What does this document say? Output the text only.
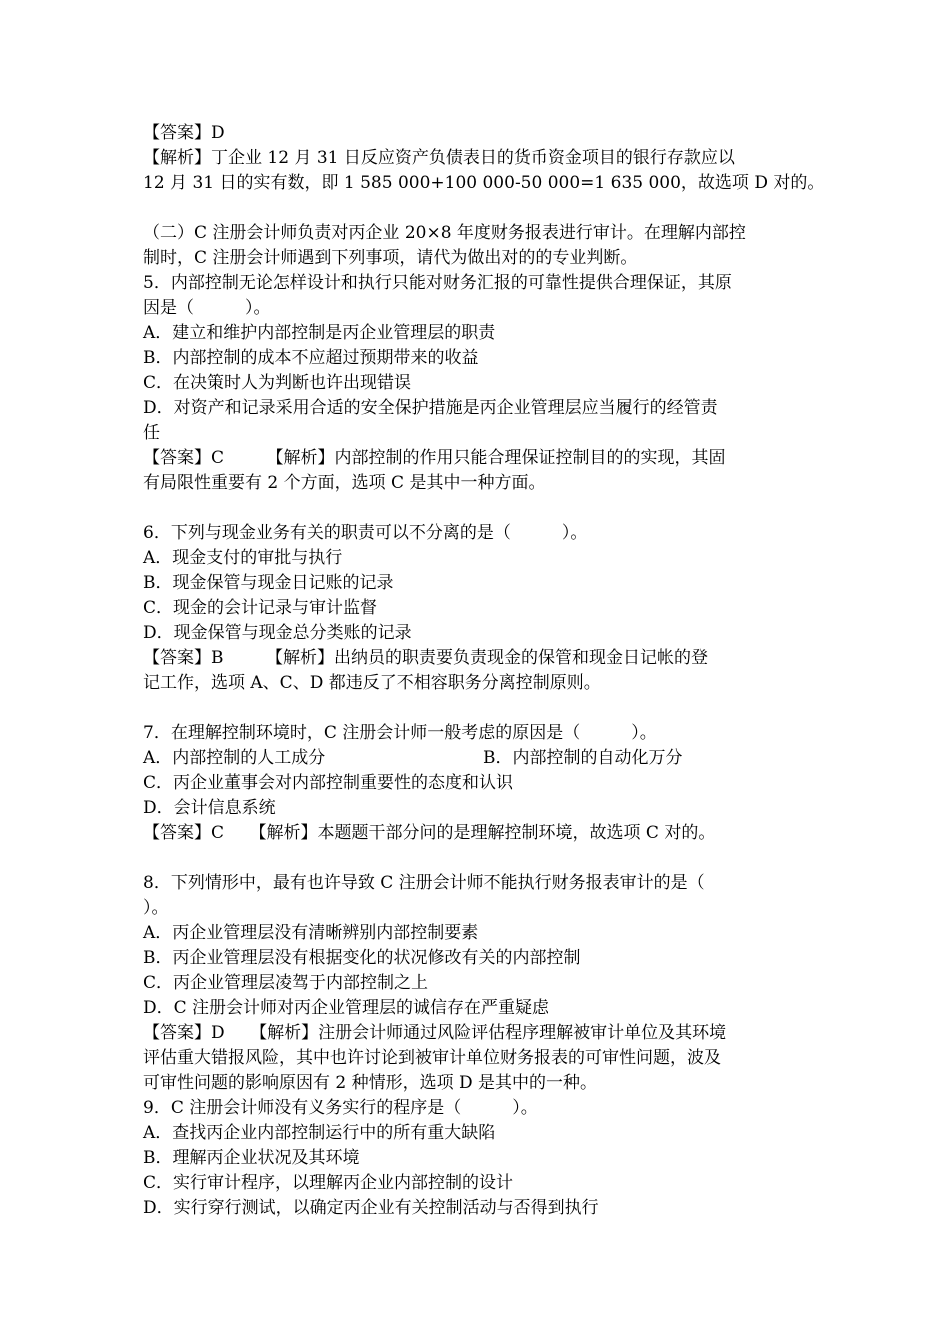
【答案】D
【解析】丁企业 12 月 31 日反应资产负债表日的货币资金项目的银行存款应以
12 月 31 日的实有数，即 1 585 000+100 000-50 000=1 635 000，故选项 D 对的。
（二）C 注册会计师负责对丙企业 20×8 年度财务报表进行审计。在理解内部控
制时，C 注册会计师遇到下列事项，请代为做出对的的专业判断。
5．内部控制无论怎样设计和执行只能对财务汇报的可靠性提供合理保证，其原
因是（　　　）。
A．建立和维护内部控制是丙企业管理层的职责
B．内部控制的成本不应超过预期带来的收益
C．在决策时人为判断也许出现错误
D．对资产和记录采用合适的安全保护措施是丙企业管理层应当履行的经管责
任
【答案】C　　　【解析】内部控制的作用只能合理保证控制目的的实现，其固
有局限性重要有 2 个方面，选项 C 是其中一种方面。
6．下列与现金业务有关的职责可以不分离的是（　　　）。
A．现金支付的审批与执行
B．现金保管与现金日记账的记录
C．现金的会计记录与审计监督
D．现金保管与现金总分类账的记录
【答案】B　　　【解析】出纳员的职责要负责现金的保管和现金日记帐的登
记工作，选项 A、C、D 都违反了不相容职务分离控制原则。
7．在理解控制环境时，C 注册会计师一般考虑的原因是（　　　）。
A．内部控制的人工成分	B．内部控制的自动化万分
C．丙企业董事会对内部控制重要性的态度和认识
D．会计信息系统
【答案】C　　【解析】本题题干部分问的是理解控制环境，故选项 C 对的。
8．下列情形中，最有也许导致 C 注册会计师不能执行财务报表审计的是（
）。
A．丙企业管理层没有清晰辨别内部控制要素
B．丙企业管理层没有根据变化的状况修改有关的内部控制
C．丙企业管理层凌驾于内部控制之上
D．C 注册会计师对丙企业管理层的诚信存在严重疑虑
【答案】D　　【解析】注册会计师通过风险评估程序理解被审计单位及其环境
评估重大错报风险，其中也许讨论到被审计单位财务报表的可审性问题，波及
可审性问题的影响原因有 2 种情形，选项 D 是其中的一种。
9．C 注册会计师没有义务实行的程序是（　　　）。
A．查找丙企业内部控制运行中的所有重大缺陷
B．理解丙企业状况及其环境
C．实行审计程序，以理解丙企业内部控制的设计
D．实行穿行测试，以确定丙企业有关控制活动与否得到执行
